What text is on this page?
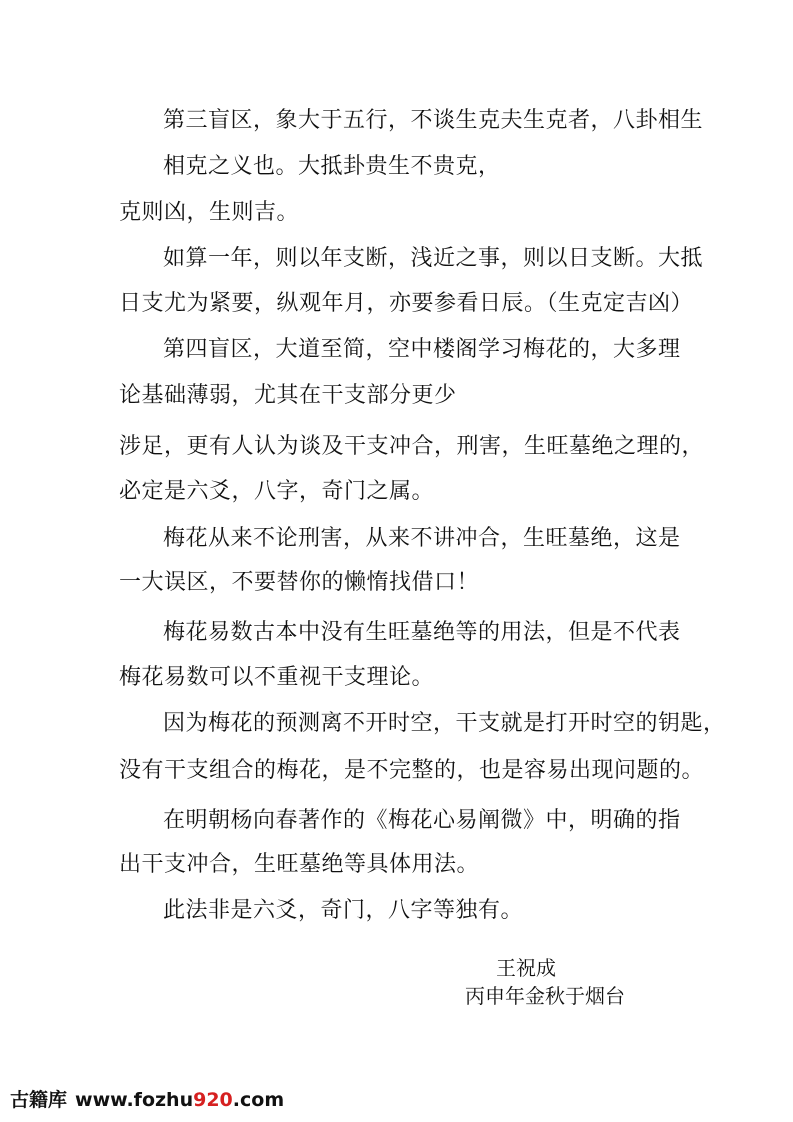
第三盲区，象大于五行，不谈生克夫生克者，八卦相生
相克之义也。大抵卦贵生不贵克，
克则凶，生则吉。
如算一年，则以年支断，浅近之事，则以日支断。大抵
日支尤为紧要，纵观年月，亦要参看日辰。（生克定吉凶）
第四盲区，大道至简，空中楼阁学习梅花的，大多理
论基础薄弱，尤其在干支部分更少
涉足，更有人认为谈及干支冲合，刑害，生旺墓绝之理的，
必定是六爻，八字，奇门之属。
梅花从来不论刑害，从来不讲冲合，生旺墓绝，这是
一大误区，不要替你的懒惰找借口！
梅花易数古本中没有生旺墓绝等的用法，但是不代表
梅花易数可以不重视干支理论。
因为梅花的预测离不开时空，干支就是打开时空的钥匙，
没有干支组合的梅花，是不完整的，也是容易出现问题的。
在明朝杨向春著作的《梅花心易阐微》中，明确的指
出干支冲合，生旺墓绝等具体用法。
此法非是六爻，奇门，八字等独有。
王祝成
丙申年金秋于烟台
古籍库 www.fozhu920.com
